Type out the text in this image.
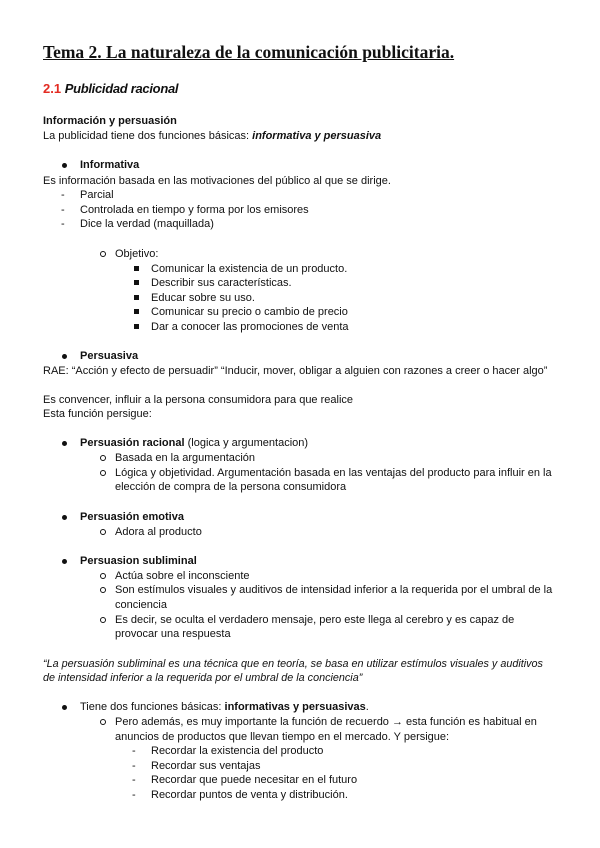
Tema 2. La naturaleza de la comunicación publicitaria.
2.1 Publicidad racional
Información y persuasión
La publicidad tiene dos funciones básicas: informativa y persuasiva
Informativa
Es información basada en las motivaciones del público al que se dirige.
- Parcial
- Controlada en tiempo y forma por los emisores
- Dice la verdad (maquillada)
Objetivo:
Comunicar la existencia de un producto.
Describir sus características.
Educar sobre su uso.
Comunicar su precio o cambio de precio
Dar a conocer las promociones de venta
Persuasiva
RAE: “Acción y efecto de persuadir” “Inducir, mover, obligar a alguien con razones a creer o hacer algo”
Es convencer, influir a la persona consumidora para que realice
Esta función persigue:
Persuasión racional (logica y argumentacion)
Basada en la argumentación
Lógica y objetividad. Argumentación basada en las ventajas del producto para influir en la
elección de compra de la persona consumidora
Persuasión emotiva
Adora al producto
Persuasion subliminal
Actúa sobre el inconsciente
Son estímulos visuales y auditivos de intensidad inferior a la requerida por el umbral de la
conciencia
Es decir, se oculta el verdadero mensaje, pero este llega al cerebro y es capaz de
provocar una respuesta
“La persuasión subliminal es una técnica que en teoría, se basa en utilizar estímulos visuales y auditivos
de intensidad inferior a la requerida por el umbral de la conciencia”
Tiene dos funciones básicas: informativas y persuasivas.
Pero además, es muy importante la función de recuerdo → esta función es habitual en
anuncios de productos que llevan tiempo en el mercado. Y persigue:
- Recordar la existencia del producto
- Recordar sus ventajas
- Recordar que puede necesitar en el futuro
- Recordar puntos de venta y distribución.
